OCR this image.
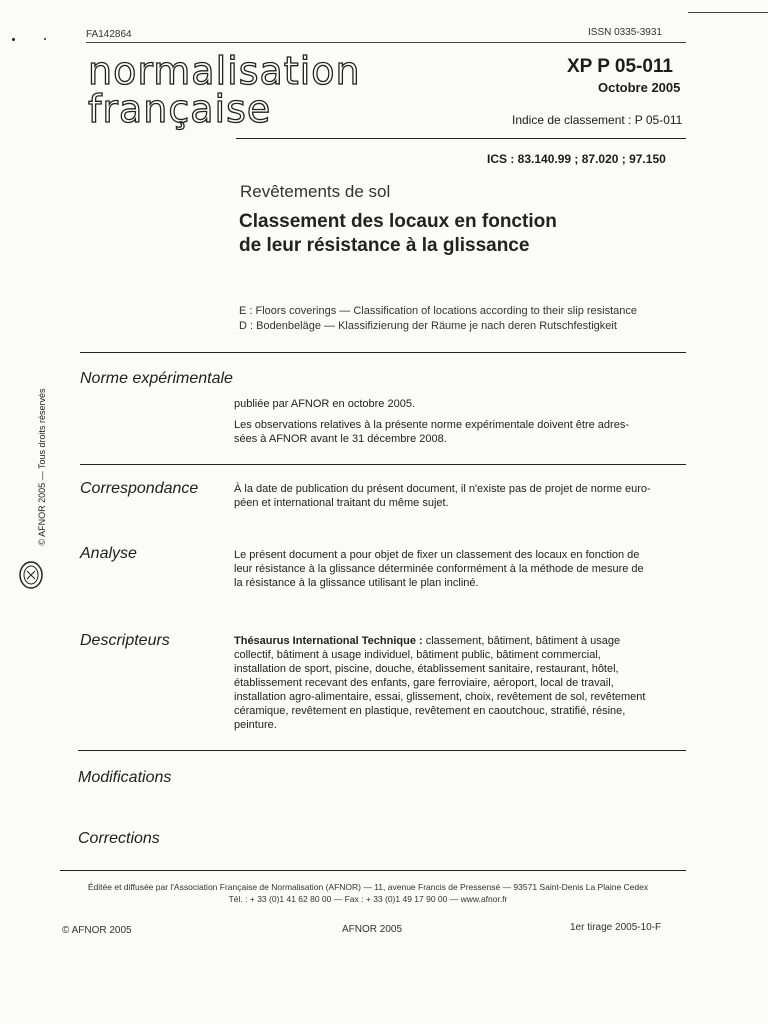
FA142864	ISSN 0335-3931
normalisation
française
XP P 05-011
Octobre 2005
Indice de classement : P 05-011
ICS : 83.140.99 ; 87.020 ; 97.150
Revêtements de sol
Classement des locaux en fonction
de leur résistance à la glissance
E : Floors coverings — Classification of locations according to their slip resistance
D : Bodenbeläge — Klassifizierung der Räume je nach deren Rutschfestigkeit
Norme expérimentale
publiée par AFNOR en octobre 2005.
Les observations relatives à la présente norme expérimentale doivent être adres-
sées à AFNOR avant le 31 décembre 2008.
Correspondance	À la date de publication du présent document, il n'existe pas de projet de norme euro-
péen et international traitant du même sujet.
Analyse	Le présent document a pour objet de fixer un classement des locaux en fonction de
leur résistance à la glissance déterminée conformément à la méthode de mesure de
la résistance à la glissance utilisant le plan incliné.
Descripteurs	Thésaurus International Technique : classement, bâtiment, bâtiment à usage
collectif, bâtiment à usage individuel, bâtiment public, bâtiment commercial,
installation de sport, piscine, douche, établissement sanitaire, restaurant, hôtel,
établissement recevant des enfants, gare ferroviaire, aéroport, local de travail,
installation agro-alimentaire, essai, glissement, choix, revêtement de sol, revêtement
céramique, revêtement en plastique, revêtement en caoutchouc, stratifié, résine,
peinture.
Modifications
Corrections
Éditée et diffusée par l'Association Française de Normalisation (AFNOR) — 11, avenue Francis de Pressensé — 93571 Saint-Denis La Plaine Cedex
Tél. : + 33 (0)1 41 62 80 00 — Fax : + 33 (0)1 49 17 90 00 — www.afnor.fr
© AFNOR 2005	AFNOR 2005	1er tirage 2005-10-F
© AFNOR 2005 — Tous droits réservés
